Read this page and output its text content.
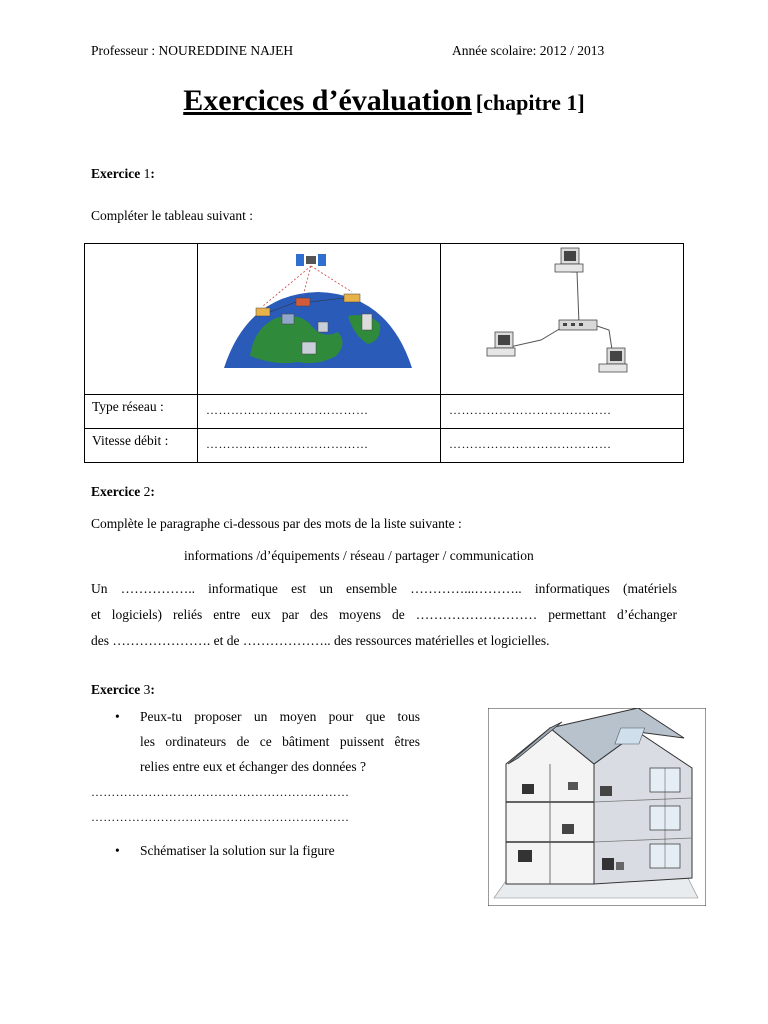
Professeur : NOUREDDINE NAJEH	Année scolaire: 2012 / 2013
Exercices d’évaluation [chapitre 1]
Exercice 1:
Compléter le tableau suivant :

Type réseau :	…………………………………	…………………………………
Vitesse débit :	…………………………………	…………………………………
Exercice 2:
Complète le paragraphe ci-dessous par des mots de la liste suivante :
informations /d’équipements / réseau / partager / communication
Un …………….. informatique est un ensemble …………...……….. informatiques (matériels
et logiciels) reliés entre eux par des moyens de ……………………… permettant d’échanger
des …………………. et de ……………….. des ressources matérielles et logicielles.
Exercice 3:
• Peux-tu proposer un moyen pour que tous
les ordinateurs de ce bâtiment puissent êtres
relies entre eux et échanger des données ?
………………………………………………………
………………………………………………………
• Schématiser la solution sur la figure
